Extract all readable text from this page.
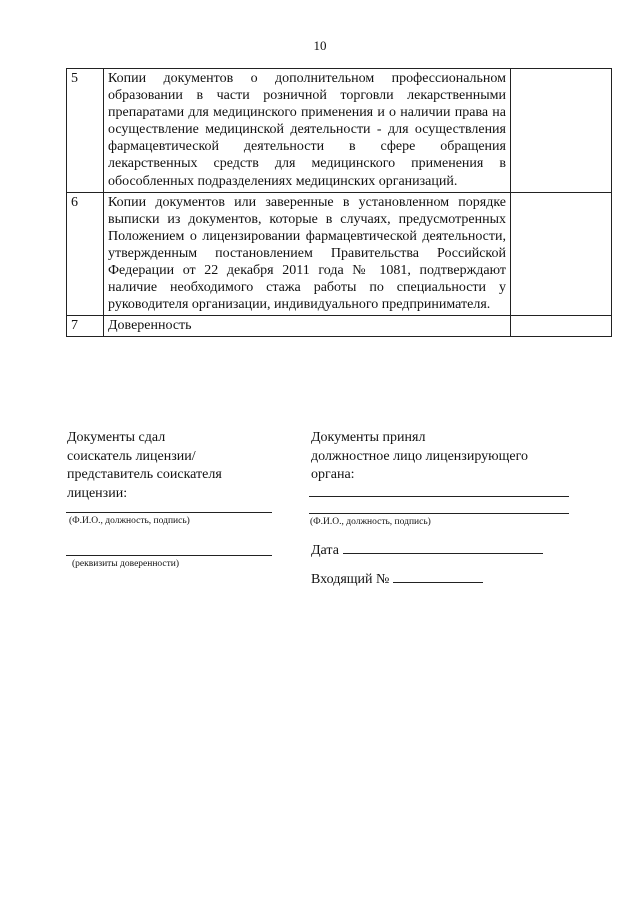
10
5	Копии документов о дополнительном профессиональном образовании в части розничной торговли лекарственными препаратами для медицинского применения и о наличии права на осуществление медицинской деятельности - для осуществления фармацевтической деятельности в сфере обращения лекарственных средств для медицинского применения в обособленных подразделениях медицинских организаций.	
6	Копии документов или заверенные в установленном порядке выписки из документов, которые в случаях, предусмотренных Положением о лицензировании фармацевтической деятельности, утвержденным постановлением Правительства Российской Федерации от 22 декабря 2011 года № 1081, подтверждают наличие необходимого стажа работы по специальности у руководителя организации, индивидуального предпринимателя.	
7	Доверенность	
Документы сдал
соискатель лицензии/
представитель соискателя
лицензии:
(Ф.И.О., должность, подпись)
(реквизиты доверенности)
Документы принял
должностное лицо лицензирующего
органа:
(Ф.И.О., должность, подпись)
Дата
Входящий №
